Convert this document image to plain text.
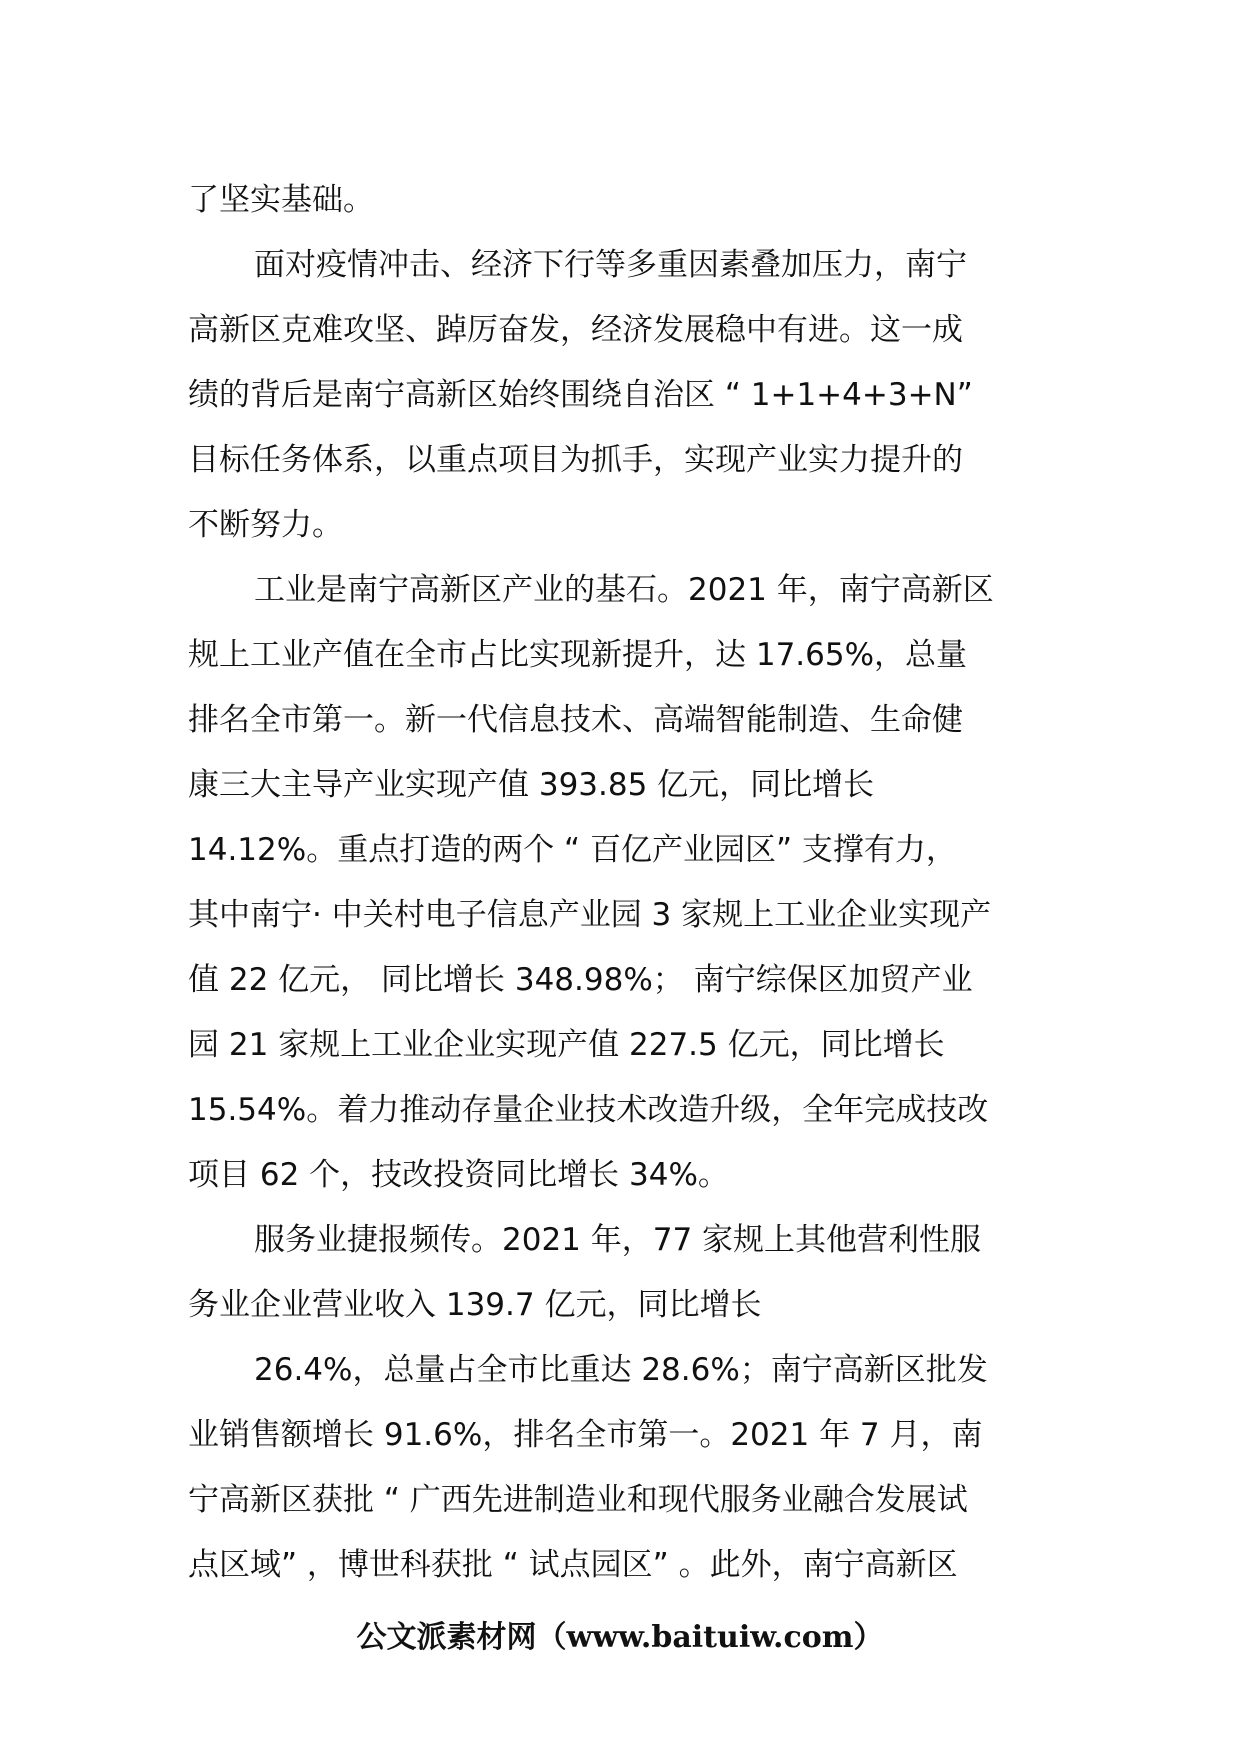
了坚实基础。

面对疫情冲击、经济下行等多重因素叠加压力，南宁
高新区克难攻坚、踔厉奋发，经济发展稳中有进。这一成
绩的背后是南宁高新区始终围绕自治区 “ 1+1+4+3+N”
目标任务体系，以重点项目为抓手，实现产业实力提升的
不断努力。

工业是南宁高新区产业的基石。2021 年，南宁高新区
规上工业产值在全市占比实现新提升，达 17.65%，总量
排名全市第一。新一代信息技术、高端智能制造、生命健
康三大主导产业实现产值 393.85 亿元，同比增长
14.12%。重点打造的两个 “ 百亿产业园区” 支撑有力，
其中南宁· 中关村电子信息产业园 3 家规上工业企业实现产
值 22 亿元， 同比增长 348.98%； 南宁综保区加贸产业
园 21 家规上工业企业实现产值 227.5 亿元，同比增长
15.54%。着力推动存量企业技术改造升级，全年完成技改
项目 62 个，技改投资同比增长 34%。

服务业捷报频传。2021 年，77 家规上其他营利性服
务业企业营业收入 139.7 亿元，同比增长

26.4%，总量占全市比重达 28.6%；南宁高新区批发
业销售额增长 91.6%，排名全市第一。2021 年 7 月，南
宁高新区获批 “ 广西先进制造业和现代服务业融合发展试
点区域” ，博世科获批 “ 试点园区” 。此外，南宁高新区

公文派素材网（www.baituiw.com）
